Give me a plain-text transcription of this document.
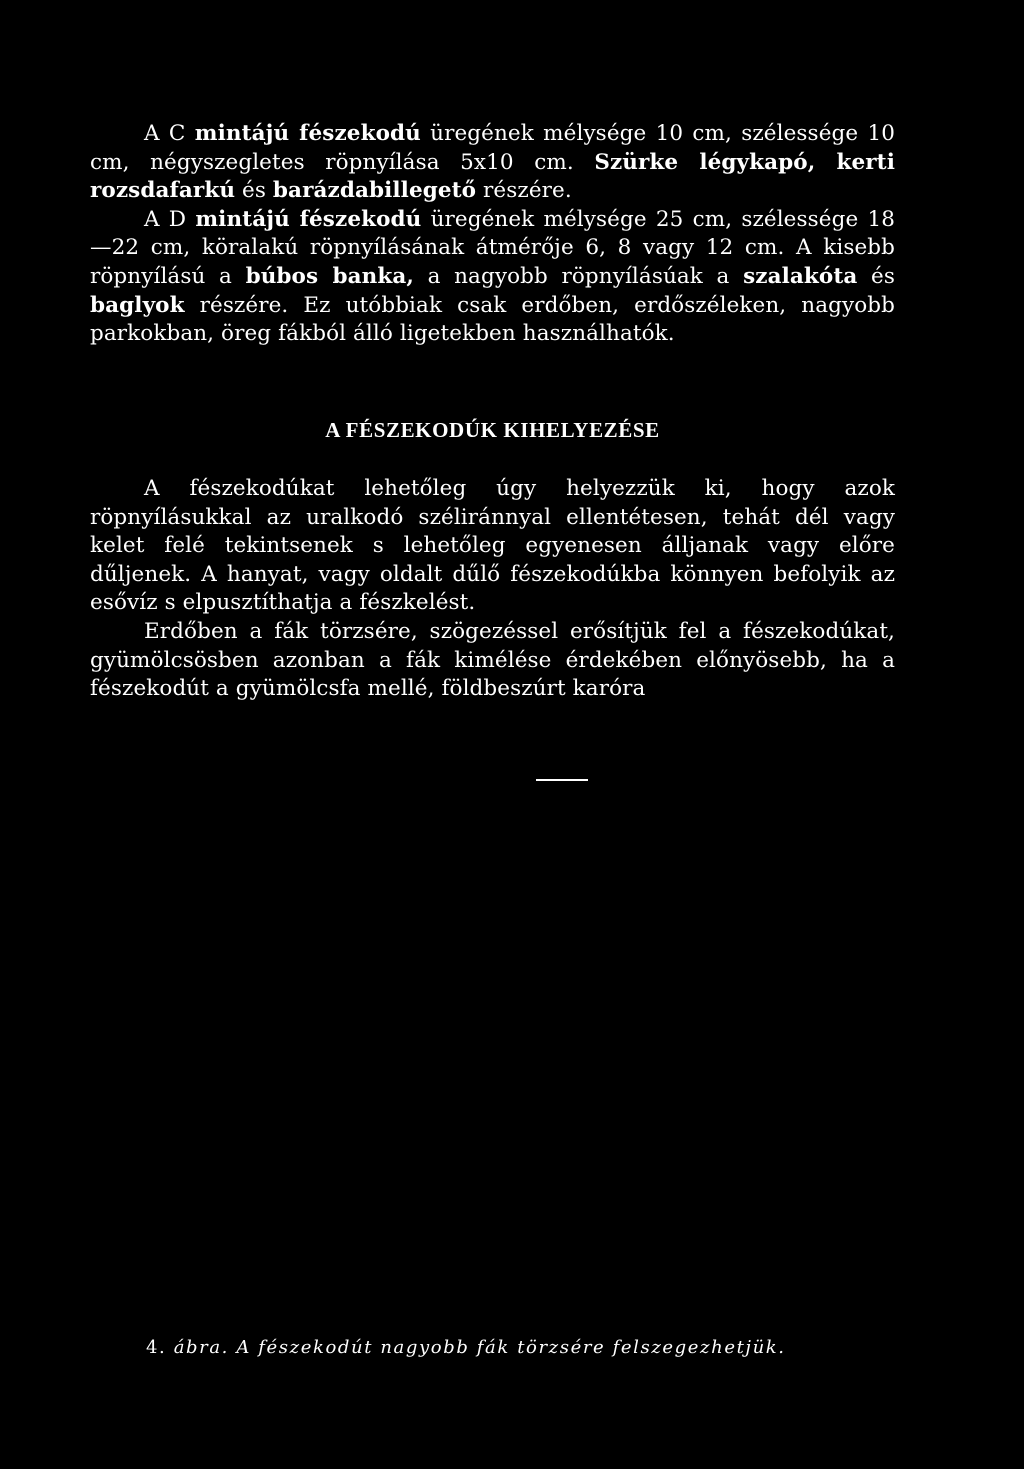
A C mintájú fészekodú üregének mélysége 10 cm, szélessége 10 cm, négyszegletes röpnyílása 5x10 cm. Szürke légykapó, kerti rozsdafarkú és barázdabillegető részére.

A D mintájú fészekodú üregének mélysége 25 cm, szélessége 18—22 cm, köralakú röpnyílásának átmérője 6, 8 vagy 12 cm. A kisebb röpnyílású a búbos banka, a nagyobb röpnyílásúak a szalakóta és baglyok részére. Ez utóbbiak csak erdőben, erdőszéleken, nagyobb parkokban, öreg fákból álló ligetekben használhatók.

A FÉSZEKODÚK KIHELYEZÉSE

A fészekodúkat lehetőleg úgy helyezzük ki, hogy azok röpnyílásukkal az uralkodó széliránnyal ellentétesen, tehát dél vagy kelet felé tekintsenek s lehetőleg egyenesen álljanak vagy előre dűljenek. A hanyat, vagy oldalt dűlő fészekodúkba könnyen befolyik az esővíz s elpusztíthatja a fészkelést.

Erdőben a fák törzsére, szögezéssel erősítjük fel a fészekodúkat, gyümölcsösben azonban a fák kimélése érdekében előnyösebb, ha a fészekodút a gyümölcsfa mellé, földbeszúrt karóra

4. ábra. A fészekodút nagyobb fák törzsére felszegezhetjük.
